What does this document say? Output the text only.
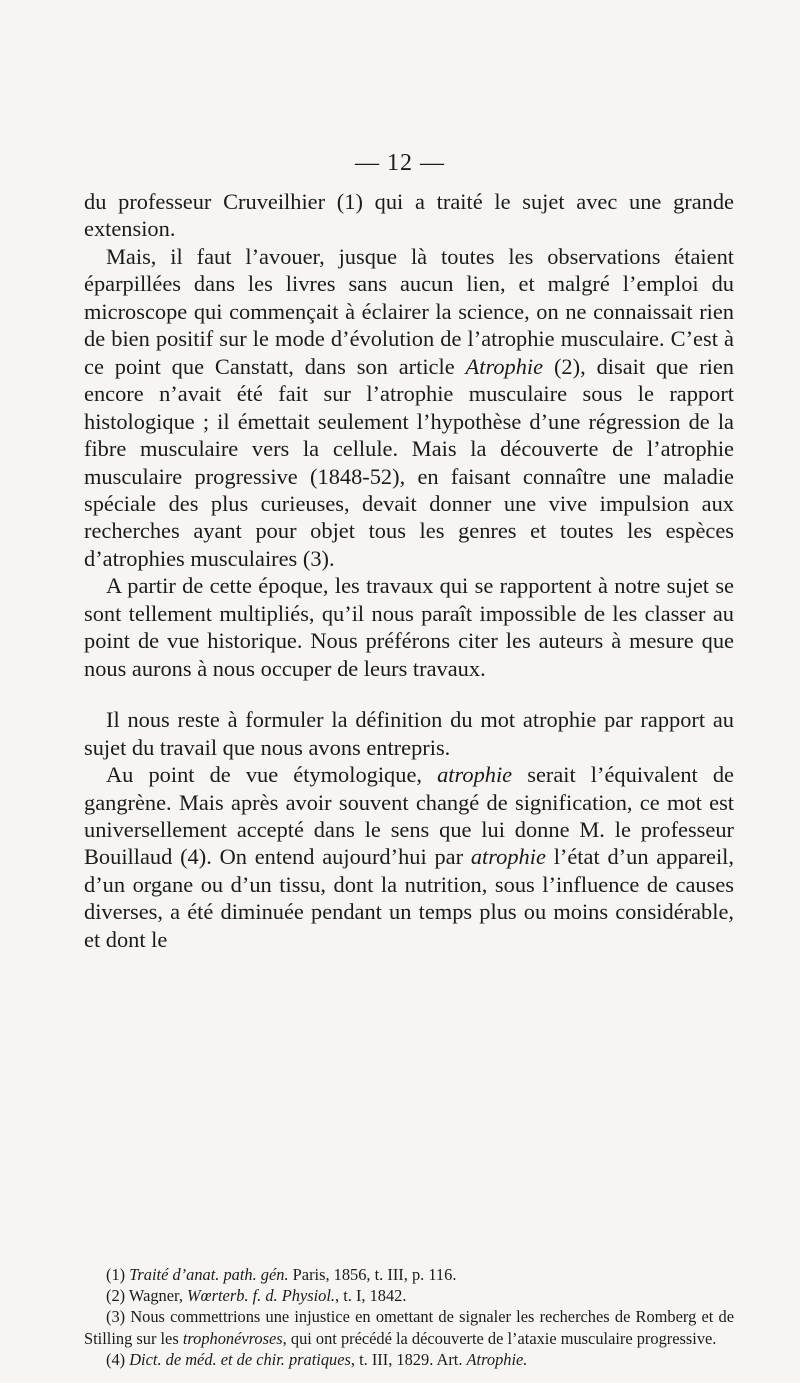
— 12 —

du professeur Cruveilhier (1) qui a traité le sujet avec une grande extension.

Mais, il faut l’avouer, jusque là toutes les observations étaient éparpillées dans les livres sans aucun lien, et malgré l’emploi du microscope qui commençait à éclairer la science, on ne connaissait rien de bien positif sur le mode d’évolution de l’atrophie musculaire. C’est à ce point que Canstatt, dans son article Atrophie (2), disait que rien encore n’avait été fait sur l’atrophie musculaire sous le rapport histologique ; il émettait seulement l’hypothèse d’une régression de la fibre musculaire vers la cellule. Mais la découverte de l’atrophie musculaire progressive (1848-52), en faisant connaître une maladie spéciale des plus curieuses, devait donner une vive impulsion aux recherches ayant pour objet tous les genres et toutes les espèces d’atrophies musculaires (3).

A partir de cette époque, les travaux qui se rapportent à notre sujet se sont tellement multipliés, qu’il nous paraît impossible de les classer au point de vue historique. Nous préférons citer les auteurs à mesure que nous aurons à nous occuper de leurs travaux.

Il nous reste à formuler la définition du mot atrophie par rapport au sujet du travail que nous avons entrepris.

Au point de vue étymologique, atrophie serait l’équivalent de gangrène. Mais après avoir souvent changé de signification, ce mot est universellement accepté dans le sens que lui donne M. le professeur Bouillaud (4). On entend aujourd’hui par atrophie l’état d’un appareil, d’un organe ou d’un tissu, dont la nutrition, sous l’influence de causes diverses, a été diminuée pendant un temps plus ou moins considérable, et dont le

(1) Traité d’anat. path. gén. Paris, 1856, t. III, p. 116.

(2) Wagner, Wœrterb. f. d. Physiol., t. I, 1842.

(3) Nous commettrions une injustice en omettant de signaler les recherches de Romberg et de Stilling sur les trophonévroses, qui ont précédé la découverte de l’ataxie musculaire progressive.

(4) Dict. de méd. et de chir. pratiques, t. III, 1829. Art. Atrophie.
